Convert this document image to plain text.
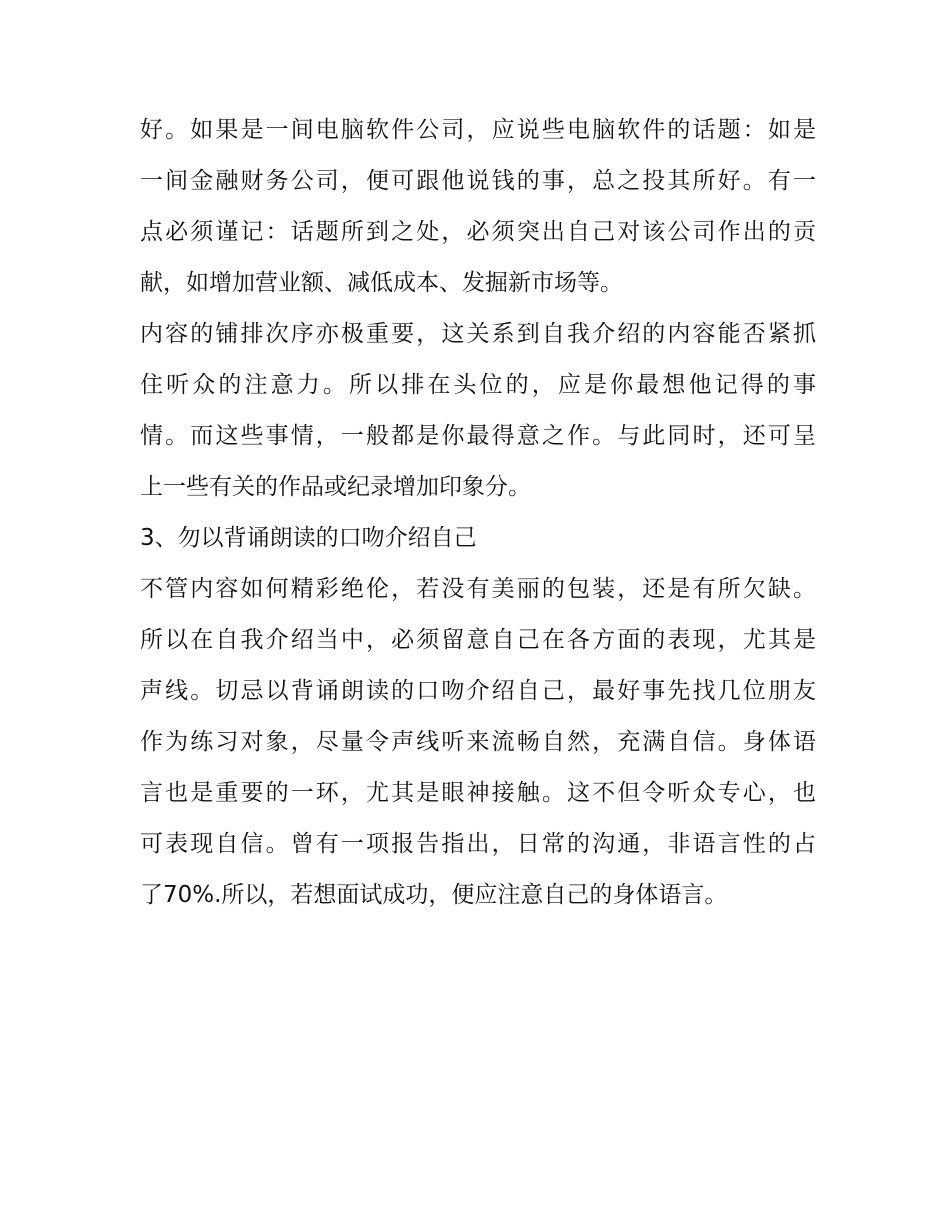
好。如果是一间电脑软件公司，应说些电脑软件的话题：如是
一间金融财务公司，便可跟他说钱的事，总之投其所好。有一
点必须谨记：话题所到之处，必须突出自己对该公司作出的贡
献，如增加营业额、减低成本、发掘新市场等。
内容的铺排次序亦极重要，这关系到自我介绍的内容能否紧抓
住听众的注意力。所以排在头位的，应是你最想他记得的事
情。而这些事情，一般都是你最得意之作。与此同时，还可呈
上一些有关的作品或纪录增加印象分。
3、勿以背诵朗读的口吻介绍自己
不管内容如何精彩绝伦，若没有美丽的包装，还是有所欠缺。
所以在自我介绍当中，必须留意自己在各方面的表现，尤其是
声线。切忌以背诵朗读的口吻介绍自己，最好事先找几位朋友
作为练习对象，尽量令声线听来流畅自然，充满自信。身体语
言也是重要的一环，尤其是眼神接触。这不但令听众专心，也
可表现自信。曾有一项报告指出，日常的沟通，非语言性的占
了70%.所以，若想面试成功，便应注意自己的身体语言。
